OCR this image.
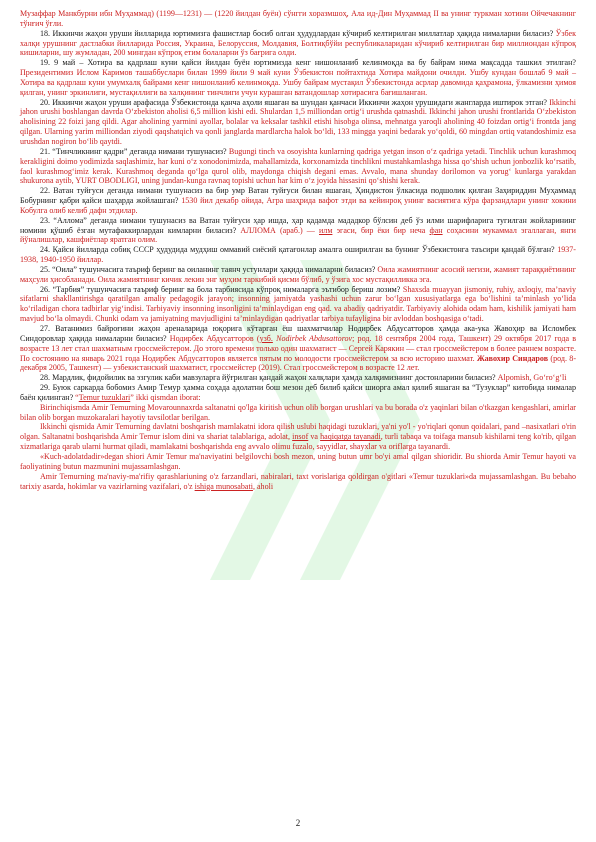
Музаффар Манкбурни ибн Муҳаммад) (1199—1231) — (1220 йилдан буён) сўнгги хоразмшоҳ, Ала ид-Дин Муҳаммад II ва унинг туркман хотини Ойчечакнинг тўнғич ўғли.

18. Иккинчи жаҳон уруши йилларида юртимизга фашистлар босиб олган ҳудудлардан кўчириб келтирилган миллатлар ҳақида нималарни биласиз? Ўзбек халқи урушнинг дастлабки йилларида Россия, Украина, Белоруссия, Молдавия, Болтиқбўйи республикаларидан кўчириб келтирилган бир миллиондан кўпроқ кишиларни, шу жумладан, 200 мингдан кўпроқ етим болаларни ўз бағрига олди.

19. 9 май – Хотира ва қадрлаш куни қайси йилдан буён юртимизда кенг нишонланиб келинмоқда ва бу байрам нима мақсадда ташкил этилган? Президентимиз Ислом Каримов ташаббуслари билан 1999 йили 9 май куни Ўзбекистон пойтахтида Хотира майдони очилди. Ушбу кундан бошлаб 9 май – Хотира ва қадрлаш куни умумхалқ байрами кенг нишонланиб келинмоқда. Ушбу байрам мустақил Ўзбекистонда асрлар давомида қаҳрамона, ўлкамизни ҳимоя қилган, унинг эркинлиги, мустақиллиги ва халқининг тинчлиги учун курашган ватандошлар хотирасига бағишланган.

20. Иккинчи жаҳон уруши арафасида Ўзбекистонда қанча аҳоли яшаган ва шундан қанчаси Иккинчи жаҳон урушидаги жангларда иштирок этган? Ikkinchi jahon urushi boshlangan davrda O‘zbekiston aholisi 6,5 million kishi edi. Shulardan 1,5 milliondan ortig‘i urushda qatnashdi. Ikkinchi jahon urushi frontlarida O‘zbekiston aholisining 22 foizi jang qildi. Agar aholining yarmini ayollar, bolalar va keksalar tashkil etishi hisobga olinsa, mehnatga yaroqli aholining 40 foizdan ortig‘i frontda jang qilgan. Ularning yarim milliondan ziyodi qaqshatqich va qonli janglarda mardlarcha halok bo‘ldi, 133 mingga yaqini bedarak yo‘qoldi, 60 mingdan ortiq vatandoshimiz esa urushdan nogiron bo‘lib qaytdi.

21. “Тинчликнинг қадри” деганда нимани тушунасиз? Bugungi tinch va osoyishta kunlarning qadriga yetgan inson o‘z qadriga yetadi. Tinchlik uchun kurashmoq kerakligini doimo yodimizda saqlashimiz, har kuni o‘z xonodonimizda, mahallamizda, korxonamizda tinchlikni mustahkamlashga hissa qo‘shish uchun jonbozlik ko‘rsatib, faol kurashmog‘imiz kerak. Kurashmoq deganda qo‘lga qurol olib, maydonga chiqish degani emas. Avvalo, mana shunday dorilomon va yorug‘ kunlarga yarakdan shukurona aytib, YURT OBODLIGI, uning jundan-kunga ravnaq topishi uchun har kim o‘z joyida hissasini qo‘shishi kerak.

22. Ватан туйғуси деганда нимани тушунасиз ва бир умр Ватан туйғуси билан яшаган, Ҳиндистон ўлкасида подшолик қилган Заҳириддин Муҳаммад Бобурнинг қабри қайси шаҳарда жойлашган? 1530 йил декабр ойида, Агра шаҳрида вафот этди ва кейинроқ унинг васиятига кўра фарзандларн унинг хокини Кобулга олиб келиб дафн этдилар.

23. “Аллома” деганда нимани тушунасиз ва Ватан туйғуси ҳар ишда, ҳар қадамда мададкор бўлсин деб ўз илми шарифларига тугилган жойларининг номини қўшиб ёзган мутафаккирлардан кимларни биласиз? АЛЛОМА (араб.) — илм эгаси, бир ёки бир неча фан соҳасини мукаммал эгаллаган, янги йўналишлар, кашфиётлар яратган олим.

24. Қайси йилларда собиқ СССР ҳудудида мудҳиш оммавий сиёсий қатағонлар амалга оширилган ва бунинг Ўзбекистонга таъсири қандай бўлган? 1937-1938, 1940-1950 йиллар.

25. “Оила” тушунчасига таъриф беринг ва оиланинг таянч устунлари ҳақида нималарни биласиз? Оила жамиятнинг асосий негизи, жамият тараққиётининг маҳсули ҳисобланади. Оила жамиятнинг кичик лекин энг муҳим таркибий қисми бўлиб, у ўзига хос мустақилликка эга.

26. “Тарбия” тушунчасига таъриф беринг ва бола тарбиясида кўпроқ нималарга эътибор бериш лозим? Shaxsda muayyan jismoniy, ruhiy, axloqiy, ma’naviy sifatlarni shakllantirishga qaratilgan amaliy pedagogik jarayon; insonning jamiyatda yashashi uchun zarur bo‘lgan xususiyatlarga ega bo‘lishini ta’minlash yo‘lida ko‘riladigan chora tadbirlar yig‘indisi. Tarbiyaviy insonning insonligini ta’minlaydigan eng qad. va abadiy qadriyatdir. Tarbiyaviy alohida odam ham, kishilik jamiyati ham mavjud bo‘la olmaydi. Chunki odam va jamiyatning mavjudligini ta’minlaydigan qadriyatlar tarbiya tufayligina bir avloddan boshqasiga o‘tadi.

27. Ватанимиз байроғини жаҳон ареналарида юқорига кўтарган ёш шахматчилар Нодирбек Абдусатторов ҳамда ака-ука Жавоҳир ва Исломбек Синдоровлар ҳақида нималарни биласиз? Нодирбек Абдусатторов (узб. Nodirbek Abdusattorov; род. 18 сентября 2004 года, Ташкент) 29 октября 2017 года в возрасте 13 лет стал шахматным гроссмейстером. До этого времени только один шахматист — Сергей Карякин — стал гроссмейстером в более раннем возрасте. По состоянию на январь 2021 года Нодирбек Абдусатторов является пятым по молодости гроссмейстером за всю историю шахмат. Жавохир Синдаров (род. 8-декабря 2005, Ташкент) — узбекистанский шахматист, гроссмейстер (2019). Стал гроссмейстером в возрасте 12 лет.

28. Мардлик, фидойилик ва эзгулик каби мавзуларга йўғрилган қандай жаҳон халқлари ҳамда халқимизнинг достонларини биласиз? Alpomish, Go‘ro‘g‘li

29. Буюк саркарда бобомиз Амир Темур ҳамма соҳада адолатни бош мезон деб билиб қайси шиорга амал қилиб яшаган ва “Тузуклар” китобида нималар баён қилинган? “Temur tuzuklari” ikki qismdan iborat:

Birinchiqismda Amir Temurning Movarounnaxrda saltanatni qo'lga kiritish uchun olib borgan urushlari va bu borada o'z yaqinlari bilan o'tkazgan kengashlari, amirlar bilan olib borgan muzokaralari hayotiy tavsilotlar berilgan.

Ikkinchi qismida Amir Temurning davlatni boshqarish mamlakatni idora qilish uslubi haqidagi tuzuklari, ya'ni yo'l - yo'riqlari qonun qoidalari, pand –nasixatlari o'rin olgan. Saltanatni boshqarishda Amir Temur islom dini va shariat talablariga, adolat, insof va haqiqatga tayanadi, turli tabaqa va toifaga mansub kishilarni teng ko'rib, qilgan xizmatlariga qarab ularni hurmat qiladi, mamlakatni boshqarishda eng avvalo olimu fuzalo, sayyidlar, shayxlar va oriflarga tayanardi.

«Kuch-adolatdadir»degan shiori Amir Temur ma'naviyatini belgilovchi bosh mezon, uning butun umr bo'yi amal qilgan shioridir. Bu shiorda Amir Temur hayoti va faoliyatining butun mazmunini mujassamlashgan.

Amir Temurning ma'naviy-ma'rifiy qarashlariuning o'z farzandlari, nabiralari, taxt vorislariga qoldirgan o'gitlari «Temur tuzuklari»da mujassamlashgan. Bu bebaho tarixiy asarda, hokimlar va vazirlarning vazifalari, o'z ishiga munosabati, aholi

2
